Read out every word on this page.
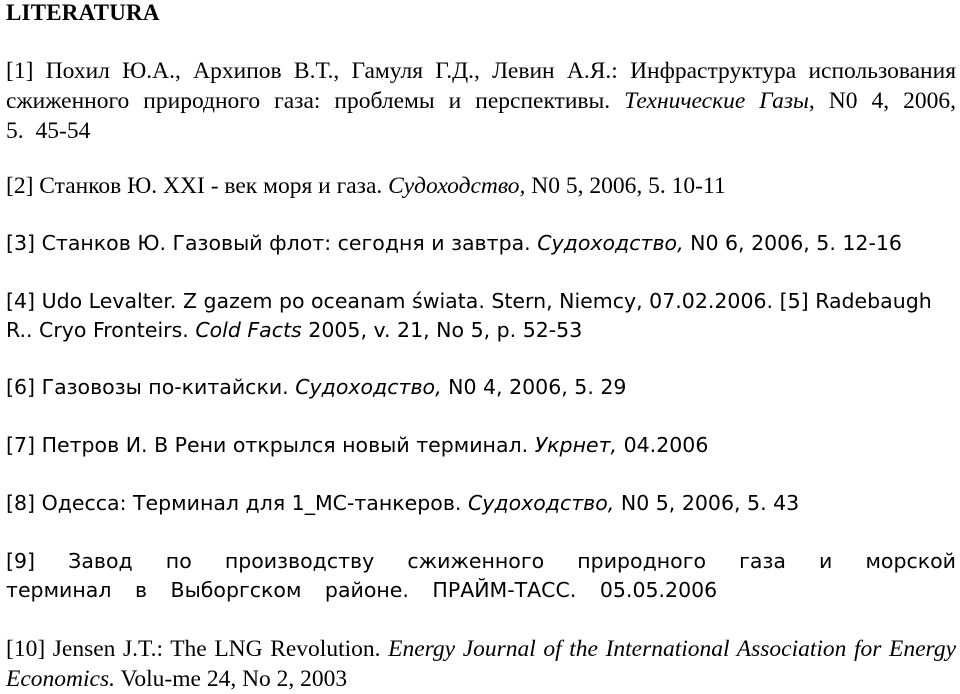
LITERATURA
[1] Похил Ю.А., Архипов В.Т., Гамуля Г.Д., Левин А.Я.: Инфраструктура использования сжиженного природного газа: проблемы и перспективы. Технические Газы, N0 4, 2006, 5. 45-54
[2] Станков Ю. XXI - век моря и газа. Судоходство, N0 5, 2006, 5. 10-11
[3] Станков Ю. Газовый флот: сегодня и завтра. Судоходство, N0 6, 2006, 5. 12-16
[4] Udo Levalter. Z gazem po oceanam świata. Stern, Niemcy, 07.02.2006. [5] Radebaugh R.. Cryo Fronteirs. Cold Facts 2005, v. 21, No 5, p. 52-53
[6] Газовозы по-китайски. Судоходство, N0 4, 2006, 5. 29
[7] Петров И. В Рени открылся новый терминал. Укрнет, 04.2006
[8] Одесса: Терминал для 1_МС-танкеров. Судоходство, N0 5, 2006, 5. 43
[9] Завод по производству сжиженного природного газа и морской терминал в Выборгском районе. ПРАЙМ-ТАСС. 05.05.2006
[10] Jensen J.T.: The LNG Revolution. Energy Journal of the International Association for Energy Economics. Volu-me 24, No 2, 2003
